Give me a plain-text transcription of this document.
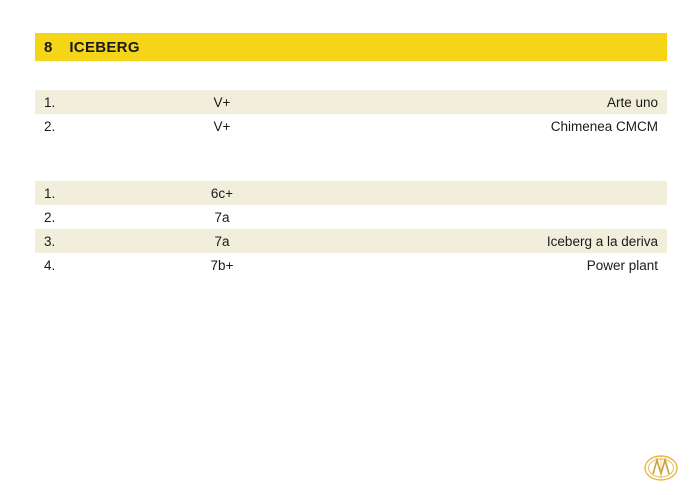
8	ICEBERG
1.	V+	Arte uno
2.	V+	Chimenea CMCM
1.	6c+
2.	7a
3.	7a	Iceberg a la deriva
4.	7b+	Power plant
